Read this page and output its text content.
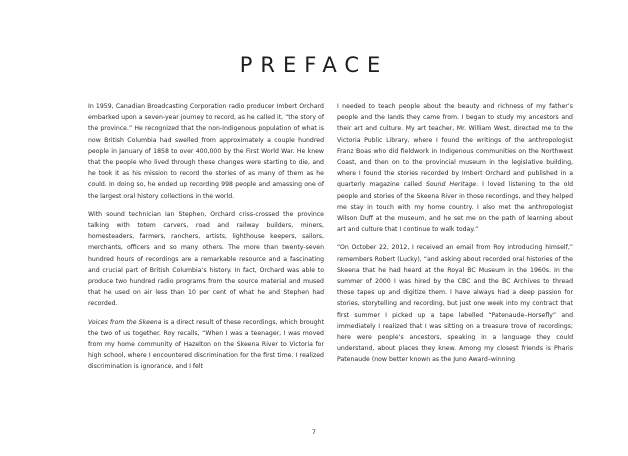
PREFACE

In 1959, Canadian Broadcasting Corporation radio producer Imbert Orchard embarked upon a seven-year journey to record, as he called it, “the story of the province.” He recognized that the non-Indigenous population of what is now British Columbia had swelled from approximately a couple hundred people in January of 1858 to over 400,000 by the First World War. He knew that the people who lived through these changes were starting to die, and he took it as his mission to record the stories of as many of them as he could. In doing so, he ended up recording 998 people and amassing one of the largest oral history collections in the world.

With sound technician Ian Stephen, Orchard criss-crossed the province talking with totem carvers, road and railway builders, miners, homesteaders, farmers, ranchers, artists, lighthouse keepers, sailors, merchants, officers and so many others. The more than twenty-seven hundred hours of recordings are a remarkable resource and a fascinating and crucial part of British Columbia’s history. In fact, Orchard was able to produce two hundred radio programs from the source material and mused that he used on air less than 10 per cent of what he and Stephen had recorded.

Voices from the Skeena is a direct result of these recordings, which brought the two of us together. Roy recalls, “When I was a teenager, I was moved from my home community of Hazelton on the Skeena River to Victoria for high school, where I encountered discrimination for the first time. I realized discrimination is ignorance, and I felt

I needed to teach people about the beauty and richness of my father’s people and the lands they came from. I began to study my ancestors and their art and culture. My art teacher, Mr. William West, directed me to the Victoria Public Library, where I found the writings of the anthropologist Franz Boas who did fieldwork in Indigenous communities on the Northwest Coast, and then on to the provincial museum in the legislative building, where I found the stories recorded by Imbert Orchard and published in a quarterly magazine called Sound Heritage. I loved listening to the old people and stories of the Skeena River in those recordings, and they helped me stay in touch with my home country. I also met the anthropologist Wilson Duff at the museum, and he set me on the path of learning about art and culture that I continue to walk today.”

“On October 22, 2012, I received an email from Roy introducing himself,” remembers Robert (Lucky), “and asking about recorded oral histories of the Skeena that he had heard at the Royal BC Museum in the 1960s. In the summer of 2000 I was hired by the CBC and the BC Archives to thread those tapes up and digitize them. I have always had a deep passion for stories, storytelling and recording, but just one week into my contract that first summer I picked up a tape labelled “Patenaude–Horsefly” and immediately I realized that I was sitting on a treasure trove of recordings; here were people’s ancestors, speaking in a language they could understand, about places they knew. Among my closest friends is Pharis Patenaude (now better known as the Juno Award–winning

7
